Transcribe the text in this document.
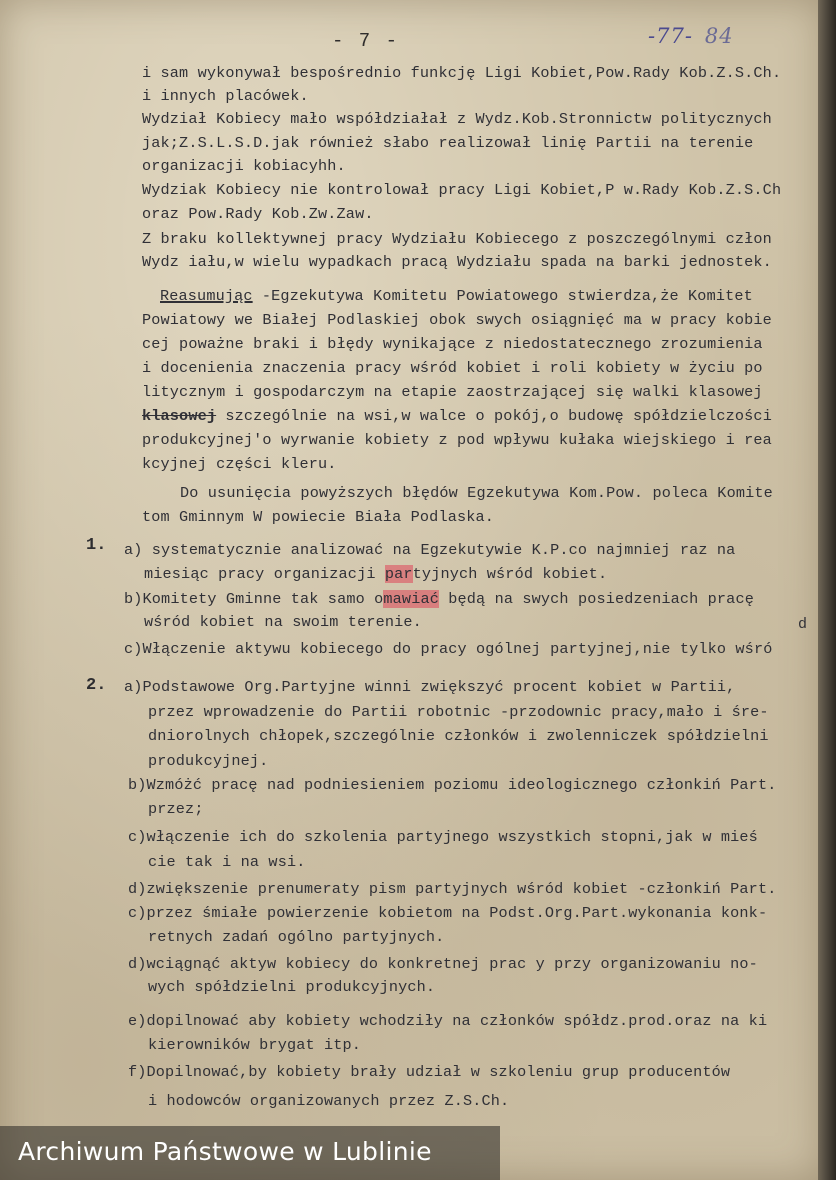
- 7 -	-77- 84
i sam wykonywał bespośrednio funkcję Ligi Kobiet,Pow.Rady Kob.Z.S.Ch.
i innych placówek.
Wydział Kobiecy mało współdziałał z Wydz.Kob.Stronnictw politycznych
jak;Z.S.L.S.D.jak również słabo realizował linię Partii na terenie
organizacji kobiacyhh.
Wydziak Kobiecy nie kontrolował pracy Ligi Kobiet,P w.Rady Kob.Z.S.Ch
oraz Pow.Rady Kob.Zw.Zaw.
Z braku kollektywnej pracy Wydziału Kobiecego z poszczególnymi człon
Wydz iału,w wielu wypadkach pracą Wydziału spada na barki jednostek.
Reasumując -Egzekutywa Komitetu Powiatowego stwierdza,że Komitet
Powiatowy we Białej Podlaskiej obok swych osiągnięć ma w pracy kobie
cej poważne braki i błędy wynikające z niedostatecznego zrozumienia
i docenienia znaczenia pracy wśród kobiet i roli kobiety w życiu po
litycznym i gospodarczym na etapie zaostrzającej się walki klasowej
klasowej szczególnie na wsi,w walce o pokój,o budowę spółdzielczości
produkcyjnej'o wyrwanie kobiety z pod wpływu kułaka wiejskiego i rea
kcyjnej części kleru.
Do usunięcia powyższych błędów Egzekutywa Kom.Pow. poleca Komite
tom Gminnym W powiecie Biała Podlaska.
1. a) systematycznie analizować na Egzekutywie K.P.co najmniej raz na
miesiąc pracy organizacji partyjnych wśród kobiet.
b)Komitety Gminne tak samo omawiać będą na swych posiedzeniach pracę
wśród kobiet na swoim terenie.	d
c)Włączenie aktywu kobiecego do pracy ogólnej partyjnej,nie tylko wśró
2. a)Podstawowe Org.Partyjne winni zwiększyć procent kobiet w Partii,
przez wprowadzenie do Partii robotnic -przodownic pracy,mało i śre-
dniorolnych chłopek,szczególnie członków i zwolenniczek spółdzielni
produkcyjnej.
b)Wzmóżć pracę nad podniesieniem poziomu ideologicznego członkiń Part.
przez;
c)włączenie ich do szkolenia partyjnego wszystkich stopni,jak w mieś
cie tak i na wsi.
d)zwiększenie prenumeraty pism partyjnych wśród kobiet -członkiń Part.
c)przez śmiałe powierzenie kobietom na Podst.Org.Part.wykonania konk-
retnych zadań ogólno partyjnych.
d)wciągnąć aktyw kobiecy do konkretnej prac y przy organizowaniu no-
wych spółdzielni produkcyjnych.
e)dopilnować aby kobiety wchodziły na członków spółdz.prod.oraz na ki
kierowników brygat itp.
f)Dopilnować,by kobiety brały udział w szkoleniu grup producentów
i hodowców organizowanych przez Z.S.Ch.
Archiwum Państwowe w Lublinie
